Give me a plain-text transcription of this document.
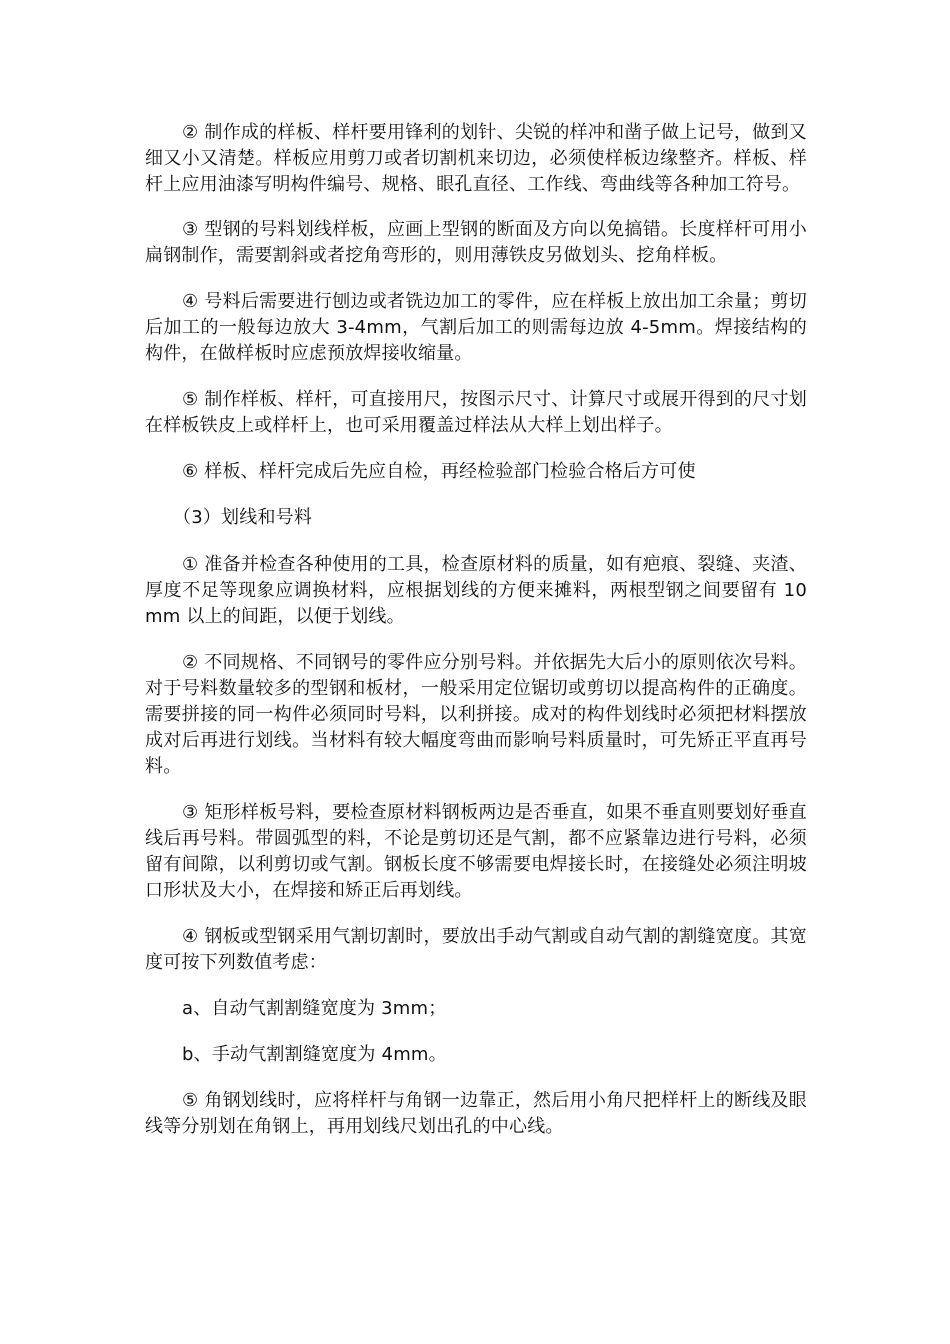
② 制作成的样板、样杆要用锋利的划针、尖锐的样冲和凿子做上记号，做到又细又小又清楚。样板应用剪刀或者切割机来切边，必须使样板边缘整齐。样板、样杆上应用油漆写明构件编号、规格、眼孔直径、工作线、弯曲线等各种加工符号。

③ 型钢的号料划线样板，应画上型钢的断面及方向以免搞错。长度样杆可用小扁钢制作，需要割斜或者挖角弯形的，则用薄铁皮另做划头、挖角样板。

④ 号料后需要进行刨边或者铣边加工的零件，应在样板上放出加工余量；剪切后加工的一般每边放大 3-4mm，气割后加工的则需每边放 4-5mm。焊接结构的构件，在做样板时应虑预放焊接收缩量。

⑤ 制作样板、样杆，可直接用尺，按图示尺寸、计算尺寸或展开得到的尺寸划在样板铁皮上或样杆上，也可采用覆盖过样法从大样上划出样子。

⑥ 样板、样杆完成后先应自检，再经检验部门检验合格后方可使

（3）划线和号料

① 准备并检查各种使用的工具，检查原材料的质量，如有疤痕、裂缝、夹渣、厚度不足等现象应调换材料，应根据划线的方便来摊料，两根型钢之间要留有 10mm 以上的间距，以便于划线。

② 不同规格、不同钢号的零件应分别号料。并依据先大后小的原则依次号料。对于号料数量较多的型钢和板材，一般采用定位锯切或剪切以提高构件的正确度。需要拼接的同一构件必须同时号料，以利拼接。成对的构件划线时必须把材料摆放成对后再进行划线。当材料有较大幅度弯曲而影响号料质量时，可先矫正平直再号料。

③ 矩形样板号料，要检查原材料钢板两边是否垂直，如果不垂直则要划好垂直线后再号料。带圆弧型的料，不论是剪切还是气割，都不应紧靠边进行号料，必须留有间隙，以利剪切或气割。钢板长度不够需要电焊接长时，在接缝处必须注明坡口形状及大小，在焊接和矫正后再划线。

④ 钢板或型钢采用气割切割时，要放出手动气割或自动气割的割缝宽度。其宽度可按下列数值考虑：

a、自动气割割缝宽度为 3mm；

b、手动气割割缝宽度为 4mm。

⑤ 角钢划线时，应将样杆与角钢一边靠正，然后用小角尺把样杆上的断线及眼线等分别划在角钢上，再用划线尺划出孔的中心线。
